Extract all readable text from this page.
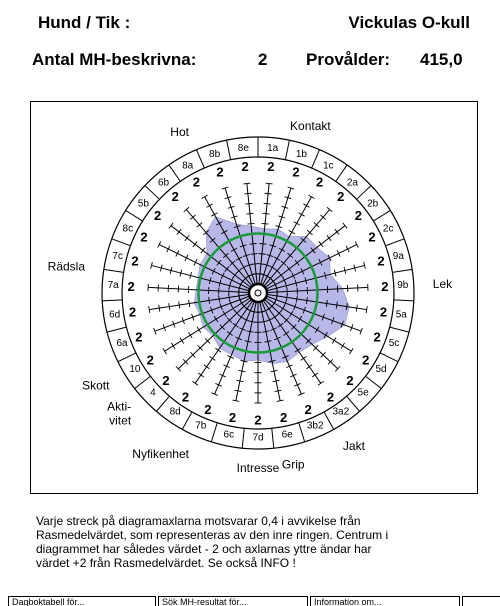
Hund / Tik :	Vickulas O-kull
Antal MH-beskrivna:	2 Provålder: 415,0
2
1a
2
1b
2
1c
2
2a
2
2b
2
2c
2 9a
2 9b
2 5a
2 5c
2
5d
2
5e
2
3a2
2
3b2
2
6e
2
7d
2
6c
2
7b
2
8d
2
4
2
10
2
6a
2
6d
2
7a
2
7c
2
8c
2
5b
2
6b 2
8a 2
8b
2
8e
Kontakt
Lek
Jakt
Grip
Intresse
Nyfikenhet
Akti-vitet
Skott
Rädsla
Hot
Varje streck på diagramaxlarna motsvarar 0,4 i avvikelse från
Rasmedelvärdet, som representeras av den inre ringen. Centrum i
diagrammet har således värdet - 2 och axlarnas yttre ändar har
värdet +2 från Rasmedelvärdet. Se också INFO !
Dagboktabell för...	Sök MH-resultat för...	Information om...
